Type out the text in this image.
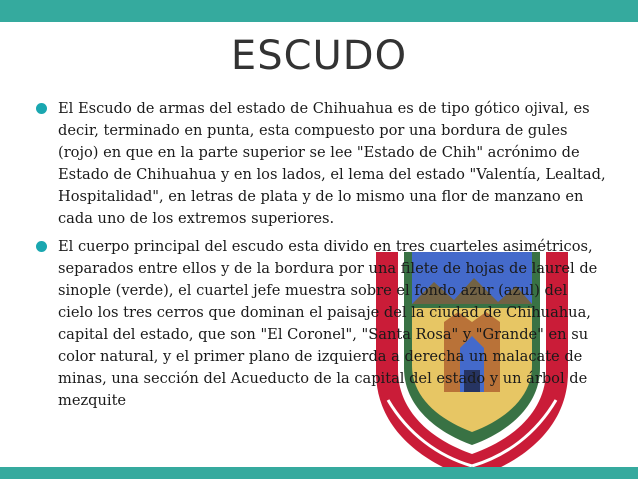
ESCUDO
El Escudo de armas del estado de Chihuahua es de tipo gótico ojival, es decir, terminado en punta, esta compuesto por una bordura de gules (rojo) en que en la parte superior se lee "Estado de Chih" acrónimo de Estado de Chihuahua y en los lados, el lema del estado "Valentía, Lealtad, Hospitalidad", en letras de plata y de lo mismo una flor de manzano en cada uno de los extremos superiores.
El cuerpo principal del escudo esta divido en tres cuarteles asimétricos, separados entre ellos y de la bordura por una filete de hojas de laurel de sinople (verde), el cuartel jefe muestra sobre el fondo azur (azul) del cielo los tres cerros que dominan el paisaje del la ciudad de Chihuahua, capital del estado, que son "El Coronel", "Santa Rosa" y "Grande" en su color natural, y el primer plano de izquierda a derecha un malacate de minas, una sección del Acueducto de la capital del estado y un árbol de mezquite
